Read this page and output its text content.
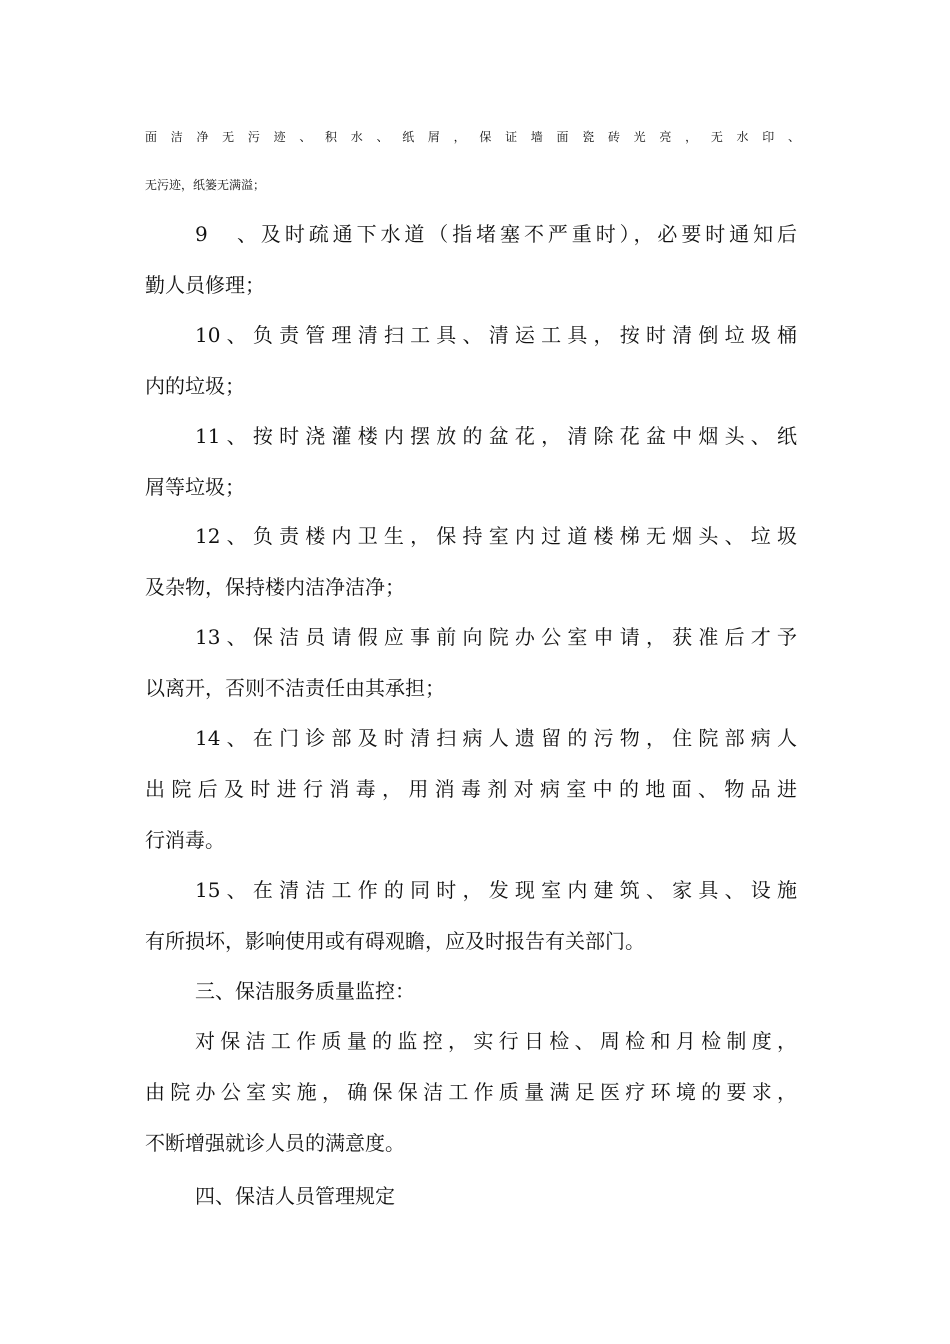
面洁净无污迹、积水、纸屑，保证墙面瓷砖光亮，无水印、
无污迹，纸篓无满溢；
9、及时疏通下水道（指堵塞不严重时），必要时通知后
勤人员修理；
10、负责管理清扫工具、清运工具，按时清倒垃圾桶
内的垃圾；
11、按时浇灌楼内摆放的盆花，清除花盆中烟头、纸
屑等垃圾；
12、负责楼内卫生，保持室内过道楼梯无烟头、垃圾
及杂物，保持楼内洁净洁净；
13、保洁员请假应事前向院办公室申请，获准后才予
以离开，否则不洁责任由其承担；
14、在门诊部及时清扫病人遗留的污物，住院部病人
出院后及时进行消毒，用消毒剂对病室中的地面、物品进
行消毒。
15、在清洁工作的同时，发现室内建筑、家具、设施
有所损坏，影响使用或有碍观瞻，应及时报告有关部门。
三、保洁服务质量监控：
对保洁工作质量的监控，实行日检、周检和月检制度，
由院办公室实施，确保保洁工作质量满足医疗环境的要求，
不断增强就诊人员的满意度。
四、保洁人员管理规定
